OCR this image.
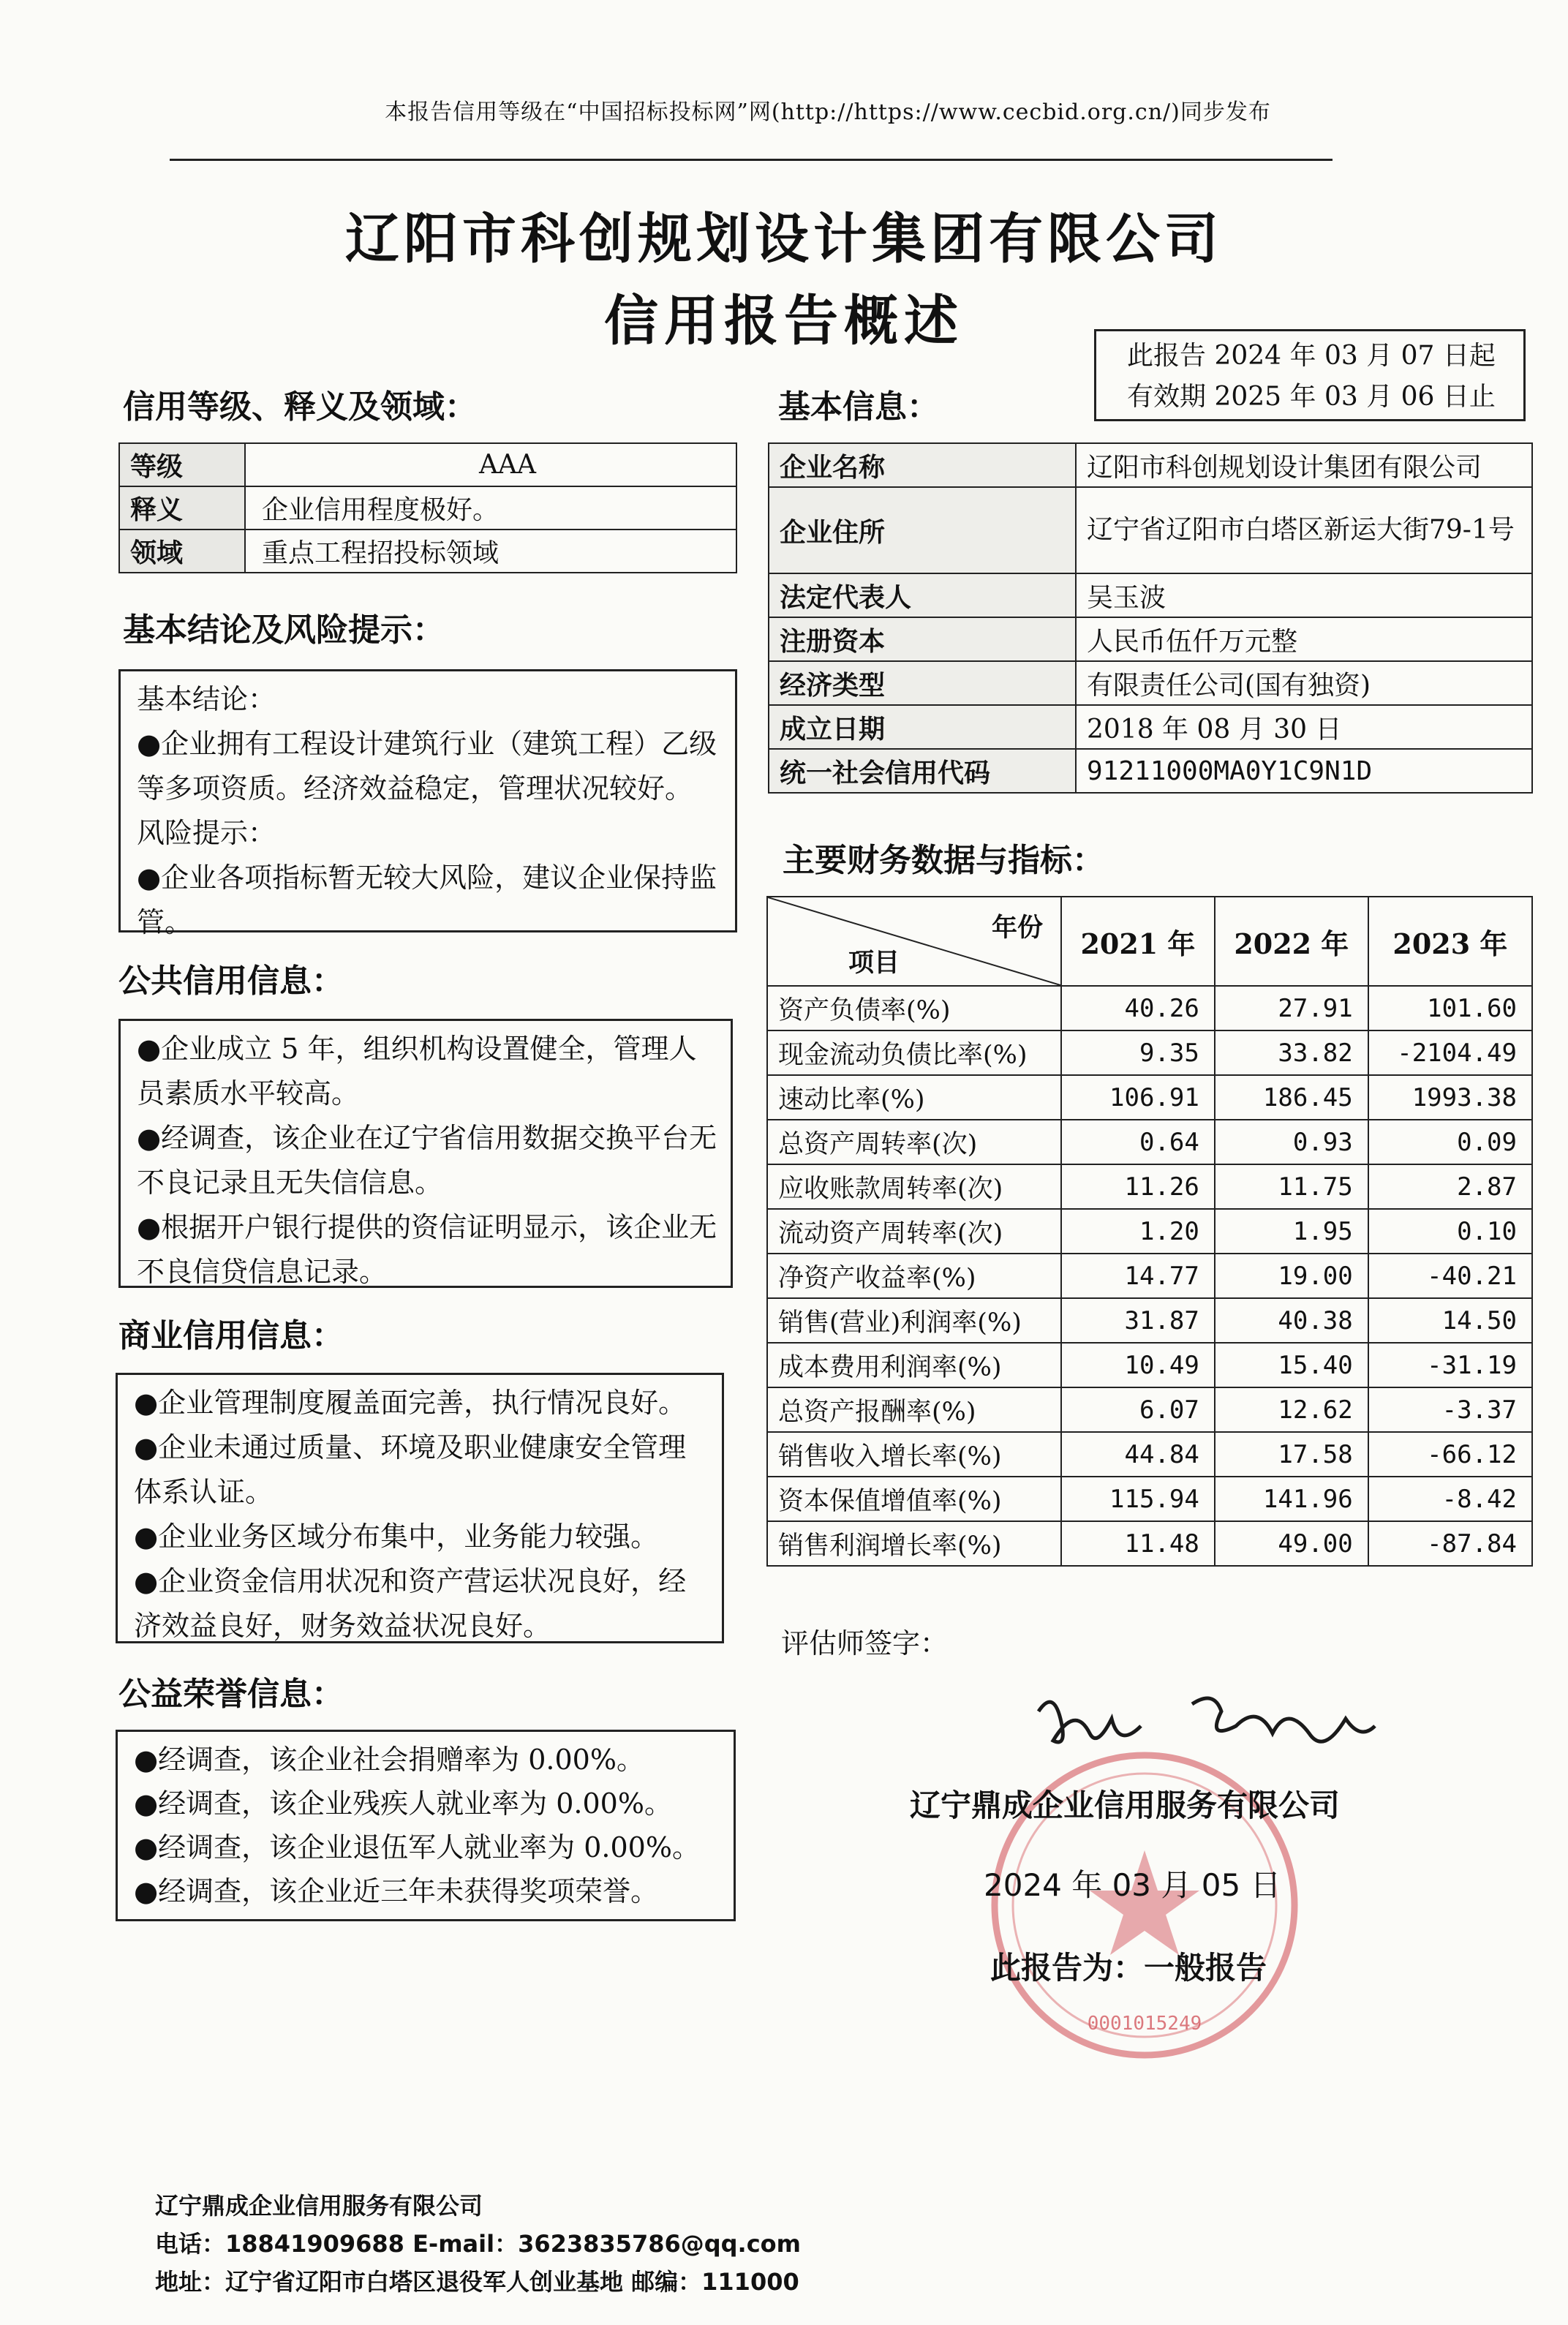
本报告信用等级在“中国招标投标网”网(http://https://www.cecbid.org.cn/)同步发布
辽阳市科创规划设计集团有限公司
信用报告概述
此报告 2024 年 03 月 07 日起
有效期 2025 年 03 月 06 日止
信用等级、释义及领域：
等级	AAA
释义	企业信用程度极好。
领域	重点工程招投标领域
基本结论及风险提示：

基本结论：

●企业拥有工程设计建筑行业（建筑工程）乙级等多项资质。经济效益稳定，管理状况较好。

风险提示：

●企业各项指标暂无较大风险，建议企业保持监管。

公共信用信息：

●企业成立 5 年，组织机构设置健全，管理人员素质水平较高。

●经调查，该企业在辽宁省信用数据交换平台无不良记录且无失信信息。

●根据开户银行提供的资信证明显示，该企业无不良信贷信息记录。

商业信用信息：

●企业管理制度履盖面完善，执行情况良好。

●企业未通过质量、环境及职业健康安全管理体系认证。

●企业业务区域分布集中，业务能力较强。

●企业资金信用状况和资产营运状况良好，经济效益良好，财务效益状况良好。

公益荣誉信息：

●经调查，该企业社会捐赠率为 0.00%。

●经调查，该企业残疾人就业率为 0.00%。

●经调查，该企业退伍军人就业率为 0.00%。

●经调查，该企业近三年未获得奖项荣誉。

基本信息：
企业名称	辽阳市科创规划设计集团有限公司
企业住所	辽宁省辽阳市白塔区新运大街79-1号
法定代表人	吴玉波
注册资本	人民币伍仟万元整
经济类型	有限责任公司(国有独资)
成立日期	2018 年 08 月 30 日
统一社会信用代码	91211000MA0Y1C9N1D
主要财务数据与指标：
年份
项目	2021 年	2022 年	2023 年
资产负债率(%)	40.26	27.91	101.60
现金流动负债比率(%)	9.35	33.82	-2104.49
速动比率(%)	106.91	186.45	1993.38
总资产周转率(次)	0.64	0.93	0.09
应收账款周转率(次)	11.26	11.75	2.87
流动资产周转率(次)	1.20	1.95	0.10
净资产收益率(%)	14.77	19.00	-40.21
销售(营业)利润率(%)	31.87	40.38	14.50
成本费用利润率(%)	10.49	15.40	-31.19
总资产报酬率(%)	6.07	12.62	-3.37
销售收入增长率(%)	44.84	17.58	-66.12
资本保值增值率(%)	115.94	141.96	-8.42
销售利润增长率(%)	11.48	49.00	-87.84
评估师签字：
0001015249
辽宁鼎成企业信用服务有限公司
2024 年 03 月 05 日
此报告为：一般报告
辽宁鼎成企业信用服务有限公司
电话：18841909688 E-mail：3623835786@qq.com
地址：辽宁省辽阳市白塔区退役军人创业基地 邮编：111000
